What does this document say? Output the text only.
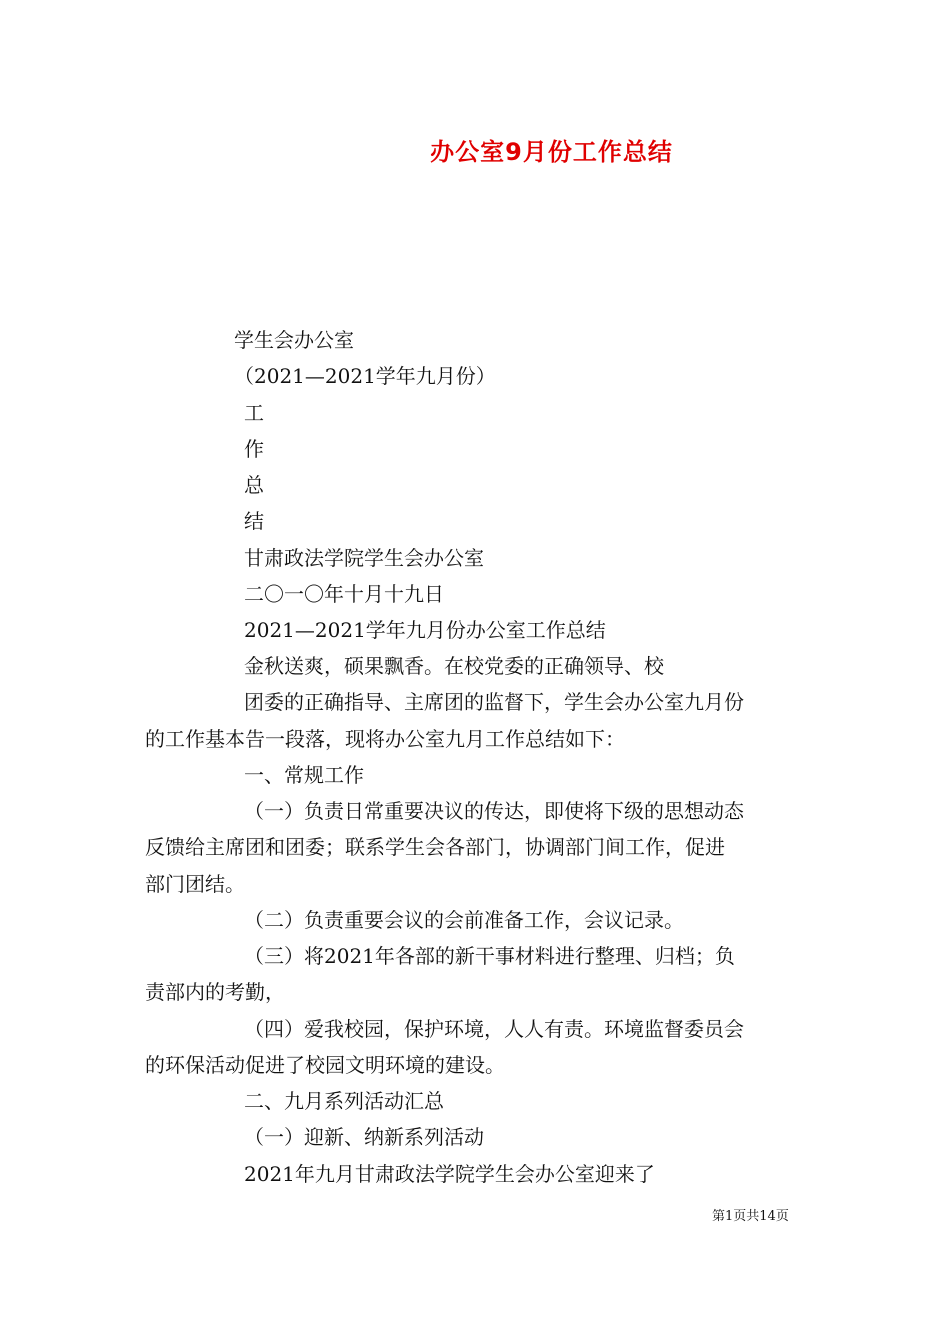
办公室9月份工作总结
学生会办公室
（2021—2021学年九月份）
工
作
总
结
甘肃政法学院学生会办公室
二〇一〇年十月十九日
2021—2021学年九月份办公室工作总结
金秋送爽，硕果飘香。在校党委的正确领导、校
团委的正确指导、主席团的监督下，学生会办公室九月份
的工作基本告一段落，现将办公室九月工作总结如下：
一、常规工作
（一）负责日常重要决议的传达，即使将下级的思想动态
反馈给主席团和团委；联系学生会各部门，协调部门间工作，促进
部门团结。
（二）负责重要会议的会前准备工作，会议记录。
（三）将2021年各部的新干事材料进行整理、归档；负
责部内的考勤，
（四）爱我校园，保护环境，人人有责。环境监督委员会
的环保活动促进了校园文明环境的建设。
二、九月系列活动汇总
（一）迎新、纳新系列活动
2021年九月甘肃政法学院学生会办公室迎来了
第1页共14页
